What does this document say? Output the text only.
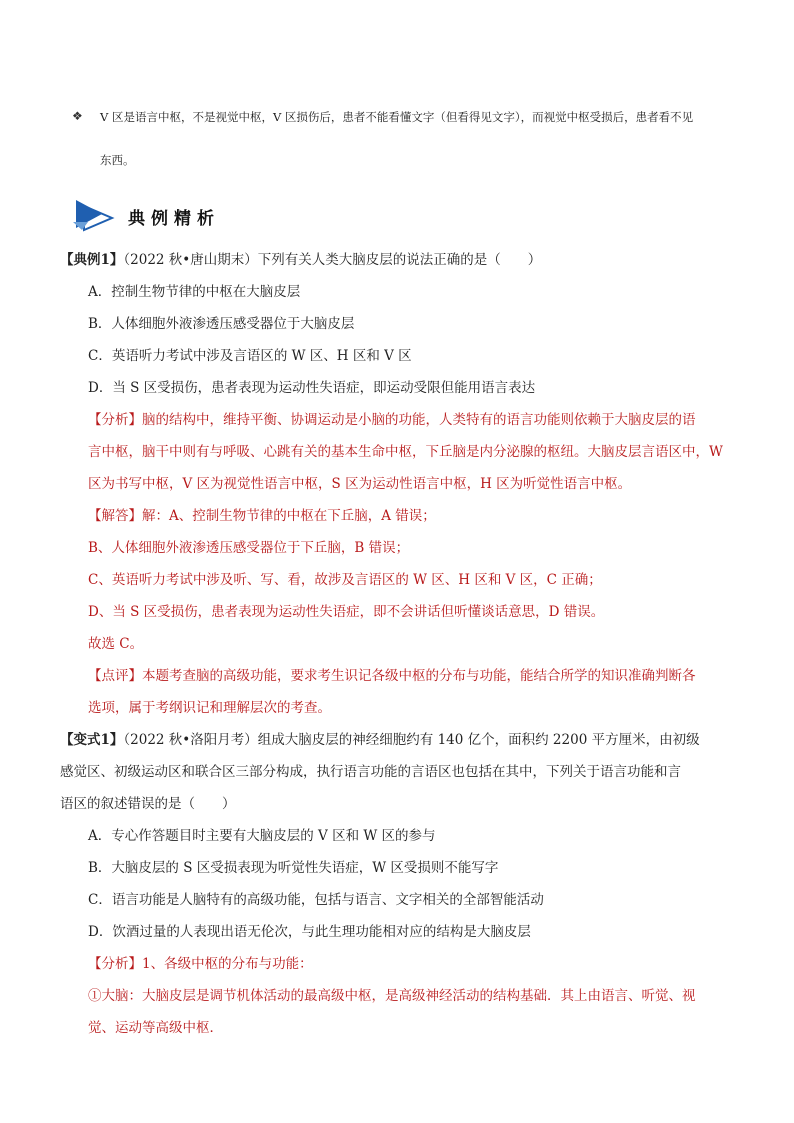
❖ V 区是语言中枢，不是视觉中枢，V 区损伤后，患者不能看懂文字（但看得见文字），而视觉中枢受损后，患者看不见
东西。
典例精析
【典例1】（2022 秋•唐山期末）下列有关人类大脑皮层的说法正确的是（　　）
A．控制生物节律的中枢在大脑皮层
B．人体细胞外液渗透压感受器位于大脑皮层
C．英语听力考试中涉及言语区的 W 区、H 区和 V 区
D．当 S 区受损伤，患者表现为运动性失语症，即运动受限但能用语言表达
【分析】脑的结构中，维持平衡、协调运动是小脑的功能，人类特有的语言功能则依赖于大脑皮层的语
言中枢，脑干中则有与呼吸、心跳有关的基本生命中枢，下丘脑是内分泌腺的枢纽。大脑皮层言语区中，W
区为书写中枢，V 区为视觉性语言中枢，S 区为运动性语言中枢，H 区为听觉性语言中枢。
【解答】解：A、控制生物节律的中枢在下丘脑，A 错误；
B、人体细胞外液渗透压感受器位于下丘脑，B 错误；
C、英语听力考试中涉及听、写、看，故涉及言语区的 W 区、H 区和 V 区，C 正确；
D、当 S 区受损伤，患者表现为运动性失语症，即不会讲话但听懂谈话意思，D 错误。
故选 C。
【点评】本题考查脑的高级功能，要求考生识记各级中枢的分布与功能，能结合所学的知识准确判断各
选项，属于考纲识记和理解层次的考查。
【变式1】（2022 秋•洛阳月考）组成大脑皮层的神经细胞约有 140 亿个，面积约 2200 平方厘米，由初级
感觉区、初级运动区和联合区三部分构成，执行语言功能的言语区也包括在其中，下列关于语言功能和言
语区的叙述错误的是（　　）
A．专心作答题目时主要有大脑皮层的 V 区和 W 区的参与
B．大脑皮层的 S 区受损表现为听觉性失语症，W 区受损则不能写字
C．语言功能是人脑特有的高级功能，包括与语言、文字相关的全部智能活动
D．饮酒过量的人表现出语无伦次，与此生理功能相对应的结构是大脑皮层
【分析】1、各级中枢的分布与功能：
①大脑：大脑皮层是调节机体活动的最高级中枢，是高级神经活动的结构基础．其上由语言、听觉、视
觉、运动等高级中枢．
